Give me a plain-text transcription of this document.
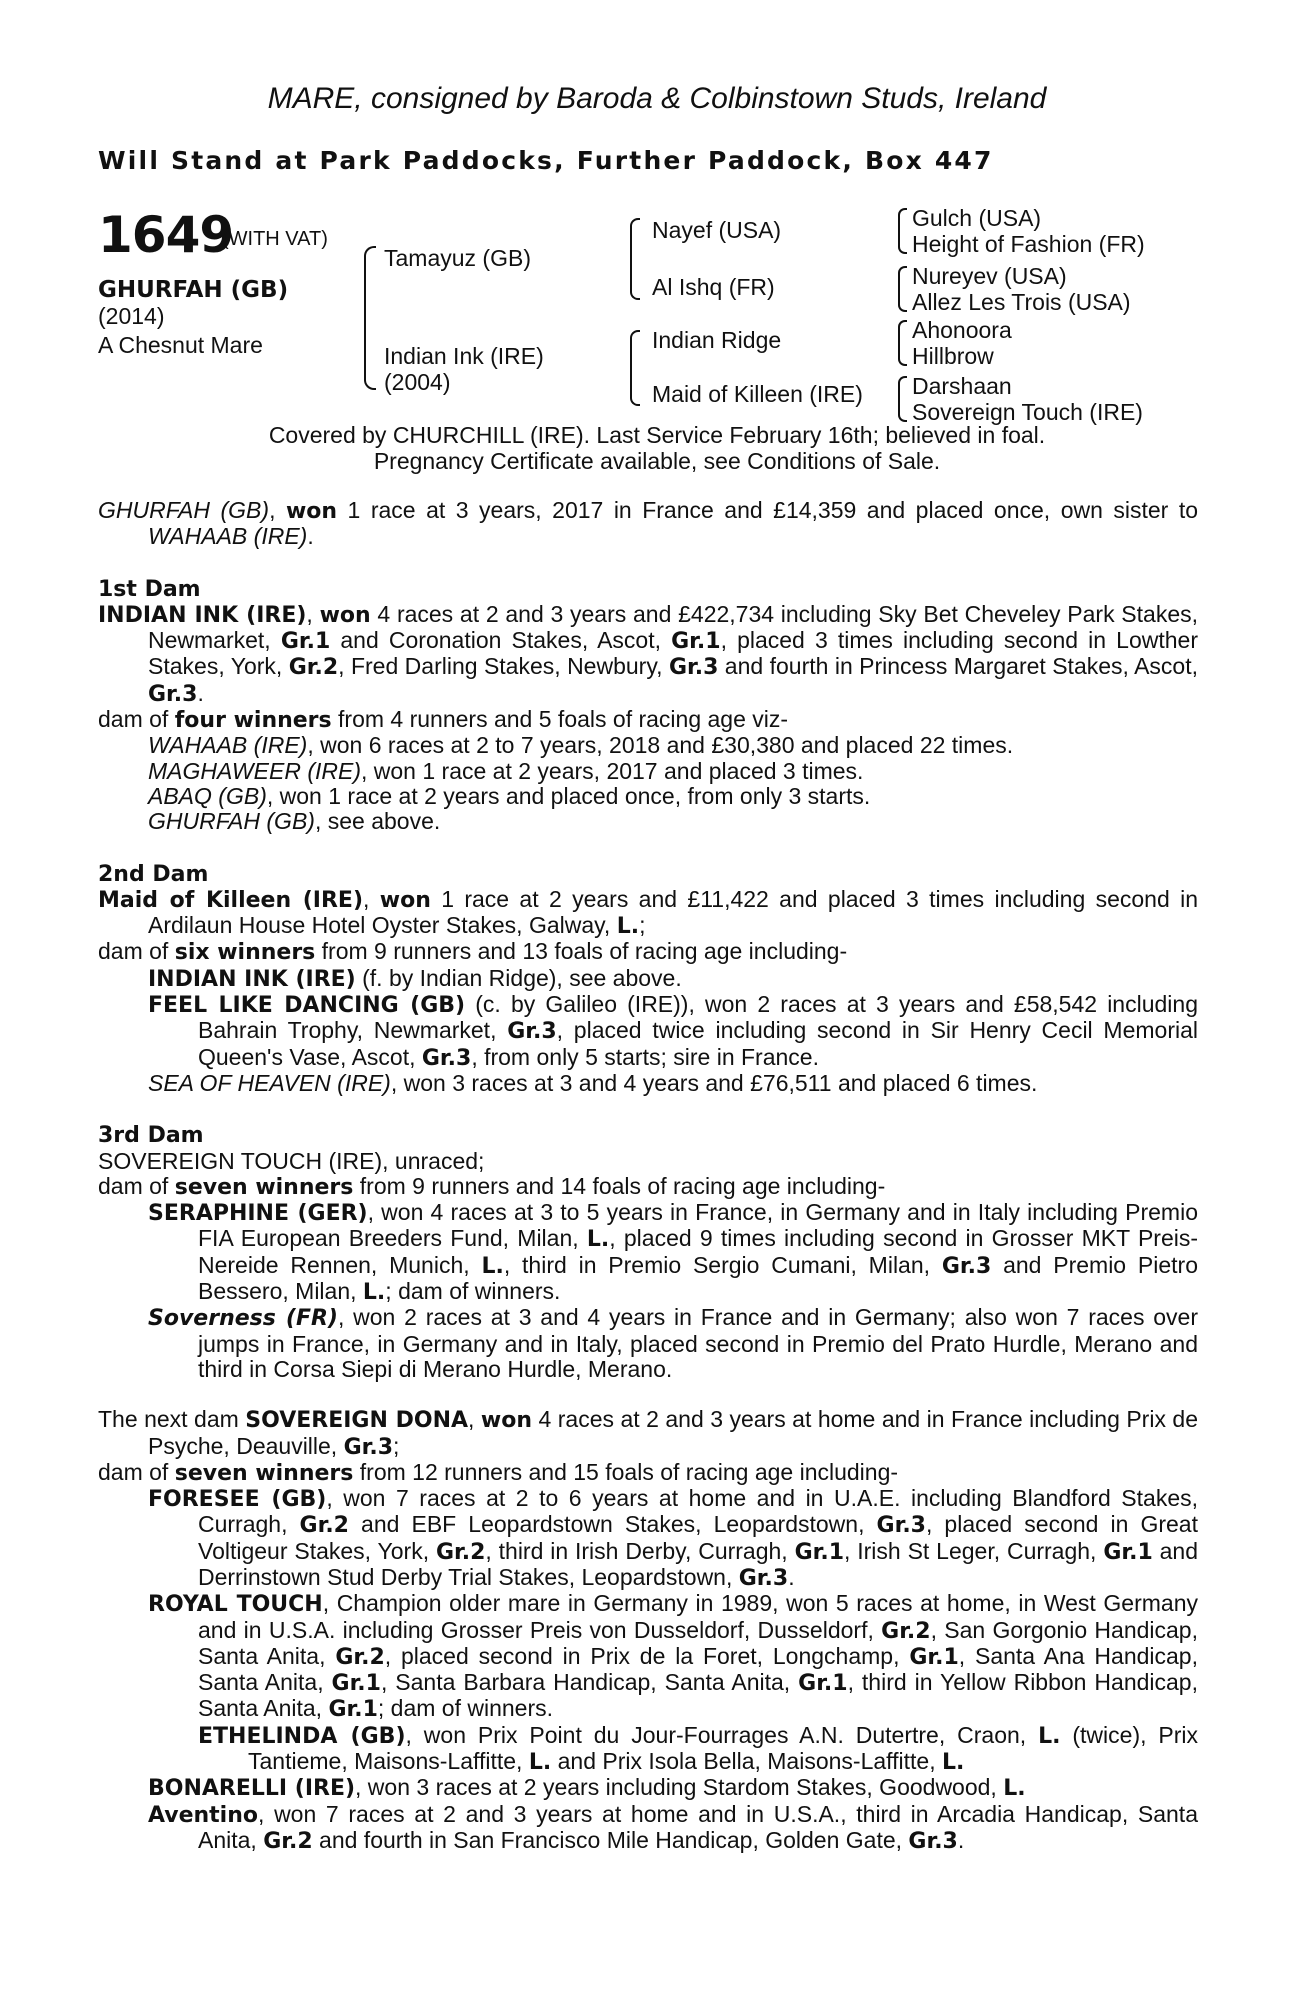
MARE, consigned by Baroda & Colbinstown Studs, Ireland
Will Stand at Park Paddocks, Further Paddock, Box 447
1649
(WITH VAT)
GHURFAH (GB)
(2014)
A Chesnut Mare
Tamayuz (GB)
Indian Ink (IRE)
(2004)
Nayef (USA)
Al Ishq (FR)
Indian Ridge
Maid of Killeen (IRE)
Gulch (USA)
Height of Fashion (FR)
Nureyev (USA)
Allez Les Trois (USA)
Ahonoora
Hillbrow
Darshaan
Sovereign Touch (IRE)
Covered by CHURCHILL (IRE). Last Service February 16th; believed in foal.
Pregnancy Certificate available, see Conditions of Sale.

GHURFAH (GB), won 1 race at 3 years, 2017 in France and £14,359 and placed once, own sister to WAHAAB (IRE).

1st Dam

INDIAN INK (IRE), won 4 races at 2 and 3 years and £422,734 including Sky Bet Cheveley Park Stakes, Newmarket, Gr.1 and Coronation Stakes, Ascot, Gr.1, placed 3 times including second in Lowther Stakes, York, Gr.2, Fred Darling Stakes, Newbury, Gr.3 and fourth in Princess Margaret Stakes, Ascot, Gr.3.

dam of four winners from 4 runners and 5 foals of racing age viz-

WAHAAB (IRE), won 6 races at 2 to 7 years, 2018 and £30,380 and placed 22 times.

MAGHAWEER (IRE), won 1 race at 2 years, 2017 and placed 3 times.

ABAQ (GB), won 1 race at 2 years and placed once, from only 3 starts.

GHURFAH (GB), see above.

2nd Dam

Maid of Killeen (IRE), won 1 race at 2 years and £11,422 and placed 3 times including second in Ardilaun House Hotel Oyster Stakes, Galway, L.;

dam of six winners from 9 runners and 13 foals of racing age including-

INDIAN INK (IRE) (f. by Indian Ridge), see above.

FEEL LIKE DANCING (GB) (c. by Galileo (IRE)), won 2 races at 3 years and £58,542 including Bahrain Trophy, Newmarket, Gr.3, placed twice including second in Sir Henry Cecil Memorial Queen's Vase, Ascot, Gr.3, from only 5 starts; sire in France.

SEA OF HEAVEN (IRE), won 3 races at 3 and 4 years and £76,511 and placed 6 times.

3rd Dam

SOVEREIGN TOUCH (IRE), unraced;

dam of seven winners from 9 runners and 14 foals of racing age including-

SERAPHINE (GER), won 4 races at 3 to 5 years in France, in Germany and in Italy including Premio FIA European Breeders Fund, Milan, L., placed 9 times including second in Grosser MKT Preis-Nereide Rennen, Munich, L., third in Premio Sergio Cumani, Milan, Gr.3 and Premio Pietro Bessero, Milan, L.; dam of winners.

Soverness (FR), won 2 races at 3 and 4 years in France and in Germany; also won 7 races over jumps in France, in Germany and in Italy, placed second in Premio del Prato Hurdle, Merano and third in Corsa Siepi di Merano Hurdle, Merano.

The next dam SOVEREIGN DONA, won 4 races at 2 and 3 years at home and in France including Prix de Psyche, Deauville, Gr.3;

dam of seven winners from 12 runners and 15 foals of racing age including-

FORESEE (GB), won 7 races at 2 to 6 years at home and in U.A.E. including Blandford Stakes, Curragh, Gr.2 and EBF Leopardstown Stakes, Leopardstown, Gr.3, placed second in Great Voltigeur Stakes, York, Gr.2, third in Irish Derby, Curragh, Gr.1, Irish St Leger, Curragh, Gr.1 and Derrinstown Stud Derby Trial Stakes, Leopardstown, Gr.3.

ROYAL TOUCH, Champion older mare in Germany in 1989, won 5 races at home, in West Germany and in U.S.A. including Grosser Preis von Dusseldorf, Dusseldorf, Gr.2, San Gorgonio Handicap, Santa Anita, Gr.2, placed second in Prix de la Foret, Longchamp, Gr.1, Santa Ana Handicap, Santa Anita, Gr.1, Santa Barbara Handicap, Santa Anita, Gr.1, third in Yellow Ribbon Handicap, Santa Anita, Gr.1; dam of winners.

ETHELINDA (GB), won Prix Point du Jour-Fourrages A.N. Dutertre, Craon, L. (twice), Prix Tantieme, Maisons-Laffitte, L. and Prix Isola Bella, Maisons-Laffitte, L.

BONARELLI (IRE), won 3 races at 2 years including Stardom Stakes, Goodwood, L.

Aventino, won 7 races at 2 and 3 years at home and in U.S.A., third in Arcadia Handicap, Santa Anita, Gr.2 and fourth in San Francisco Mile Handicap, Golden Gate, Gr.3.
